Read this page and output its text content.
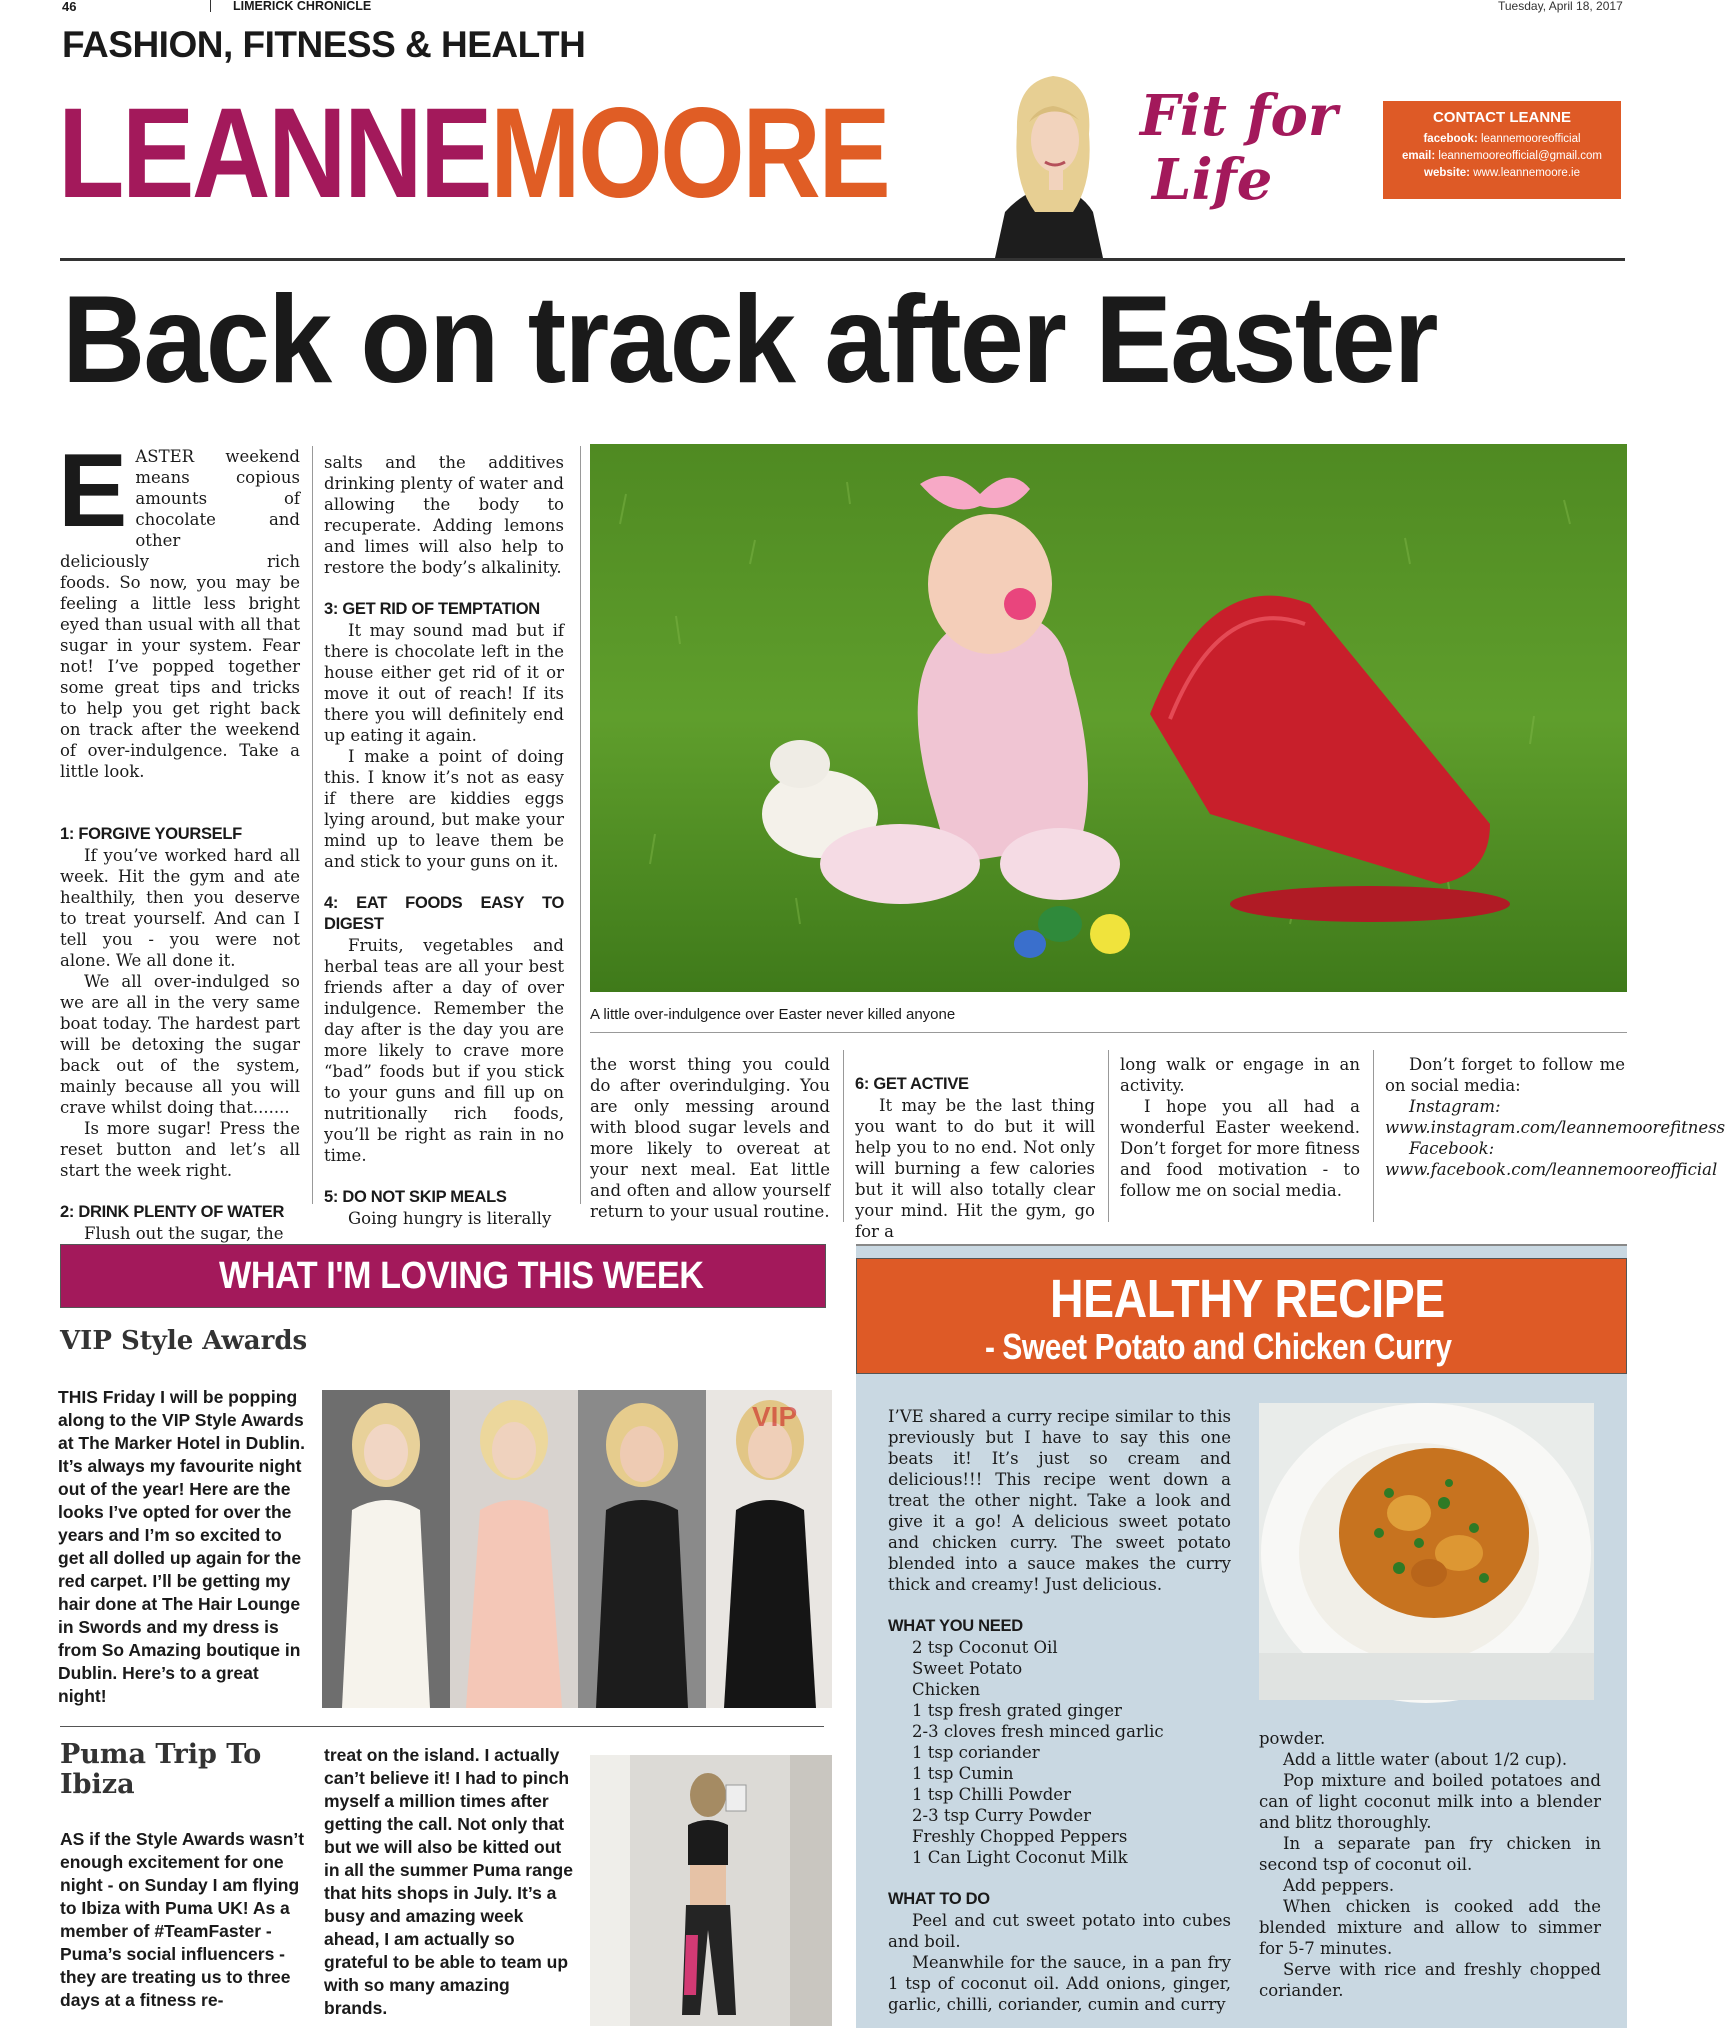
46	LIMERICK CHRONICLE	Tuesday, April 18, 2017
FASHION, FITNESS & HEALTH
LEANNEMOORE	Fit for
Life
CONTACT LEANNE
facebook: leannemooreofficial
email: leannemooreofficial@gmail.com
website: www.leannemoore.ie
Back on track after Easter
E ASTER weekend
means copious
amounts of
chocolate and other
deliciously rich

foods. So now, you may be feeling a little less bright eyed than usual with all that sugar in your system. Fear not! I’ve popped together some great tips and tricks to help you get right back on track after the weekend of over-indulgence. Take a little look.

1: FORGIVE YOURSELF

If you’ve worked hard all week. Hit the gym and ate healthily, then you deserve to treat yourself. And can I tell you - you were not alone. We all done it.

We all over-indulged so we are all in the very same boat today. The hardest part will be detoxing the sugar back out of the system, mainly because all you will crave whilst doing that.......

Is more sugar! Press the reset button and let’s all start the week right.

2: DRINK PLENTY OF WATER

Flush out the sugar, the

salts and the additives drinking plenty of water and allowing the body to recuperate. Adding lemons and limes will also help to restore the body’s alkalinity.

3: GET RID OF TEMPTATION

It may sound mad but if there is chocolate left in the house either get rid of it or move it out of reach! If its there you will definitely end up eating it again.

I make a point of doing this. I know it’s not as easy if there are kiddies eggs lying around, but make your mind up to leave them be and stick to your guns on it.

4: EAT FOODS EASY TO DIGEST

Fruits, vegetables and herbal teas are all your best friends after a day of over indulgence. Remember the day after is the day you are more likely to crave more “bad” foods but if you stick to your guns and fill up on nutritionally rich foods, you’ll be right as rain in no time.

5: DO NOT SKIP MEALS

Going hungry is literally

A little over-indulgence over Easter never killed anyone

the worst thing you could do after overindulging. You are only messing around with blood sugar levels and more likely to overeat at your next meal. Eat little and often and allow yourself return to your usual routine.

6: GET ACTIVE

It may be the last thing you want to do but it will help you to no end. Not only will burning a few calories but it will also totally clear your mind. Hit the gym, go for a

long walk or engage in an activity.

I hope you all had a wonderful Easter weekend. Don’t forget for more fitness and food motivation - to follow me on social media.

Don’t forget to follow me on social media:

Instagram: www.instagram.com/leannemoorefitness

Facebook: www.facebook.com/leannemooreofficial

WHAT I'M LOVING THIS WEEK
VIP Style Awards

THIS Friday I will be popping along to the VIP Style Awards at The Marker Hotel in Dublin. It’s always my favourite night out of the year! Here are the looks I’ve opted for over the years and I’m so excited to get all dolled up again for the red carpet. I’ll be getting my hair done at The Hair Lounge in Swords and my dress is from So Amazing boutique in Dublin. Here’s to a great night!

VIP
Puma Trip To Ibiza

AS if the Style Awards wasn’t enough excitement for one night - on Sunday I am flying to Ibiza with Puma UK! As a member of #TeamFaster - Puma’s social influencers - they are treating us to three days at a fitness re-

treat on the island. I actually can’t believe it! I had to pinch myself a million times after getting the call. Not only that but we will also be kitted out in all the summer Puma range that hits shops in July. It’s a busy and amazing week ahead, I am actually so grateful to be able to team up with so many amazing brands.

HEALTHY RECIPE
- Sweet Potato and Chicken Curry

I’VE shared a curry recipe similar to this previously but I have to say this one beats it! It’s just so cream and delicious!!! This recipe went down a treat the other night. Take a look and give it a go! A delicious sweet potato and chicken curry. The sweet potato blended into a sauce makes the curry thick and creamy! Just delicious.

WHAT YOU NEED
2 tsp Coconut Oil
Sweet Potato
Chicken
1 tsp fresh grated ginger
2-3 cloves fresh minced garlic
1 tsp coriander
1 tsp Cumin
1 tsp Chilli Powder
2-3 tsp Curry Powder
Freshly Chopped Peppers
1 Can Light Coconut Milk
WHAT TO DO

Peel and cut sweet potato into cubes and boil.

Meanwhile for the sauce, in a pan fry 1 tsp of coconut oil. Add onions, ginger, garlic, chilli, coriander, cumin and curry

powder.

Add a little water (about 1/2 cup).

Pop mixture and boiled potatoes and can of light coconut milk into a blender and blitz thoroughly.

In a separate pan fry chicken in second tsp of coconut oil.

Add peppers.

When chicken is cooked add the blended mixture and allow to simmer for 5-7 minutes.

Serve with rice and freshly chopped coriander.
